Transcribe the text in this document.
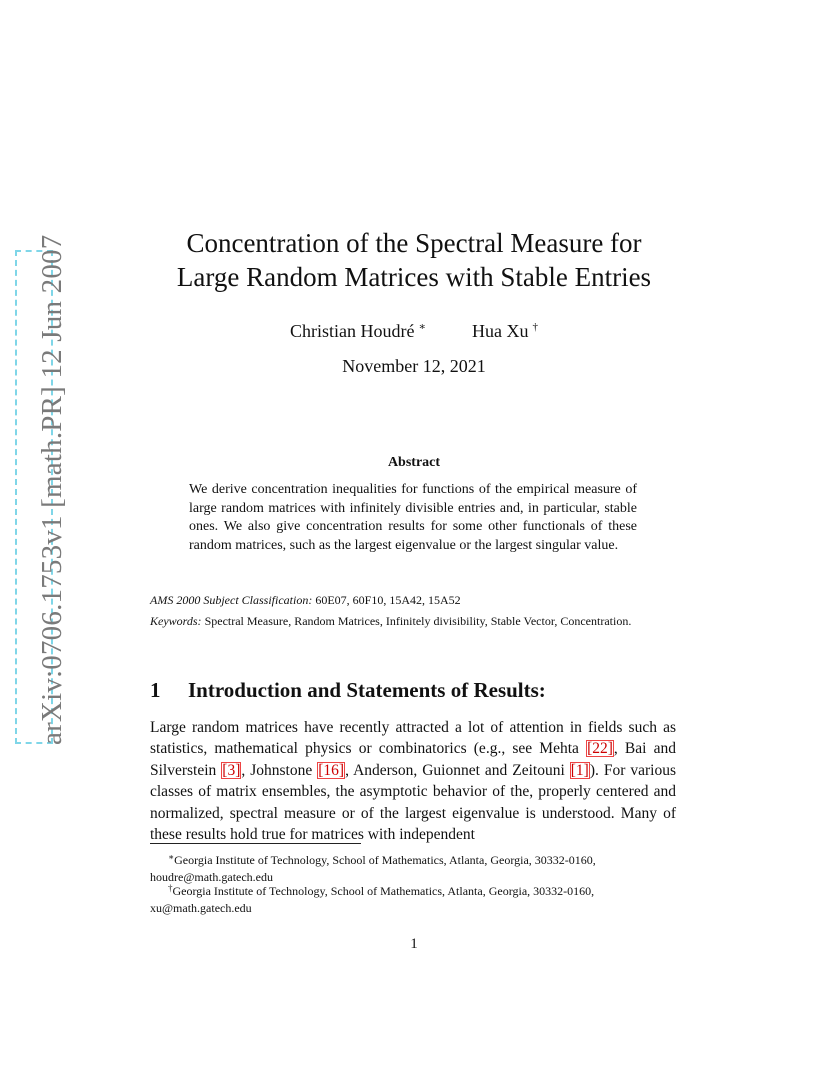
arXiv:0706.1753v1 [math.PR] 12 Jun 2007	Concentration of the Spectral Measure for
Large Random Matrices with Stable Entries
Christian Houdré ∗	Hua Xu †
November 12, 2021
Abstract
We derive concentration inequalities for functions of the empirical measure of large random matrices with infinitely divisible entries and, in particular, stable ones. We also give concentration results for some other functionals of these random matrices, such as the largest eigenvalue or the largest singular value.
AMS 2000 Subject Classification: 60E07, 60F10, 15A42, 15A52
Keywords: Spectral Measure, Random Matrices, Infinitely divisibility, Stable Vector, Concentration.
1 Introduction and Statements of Results:
Large random matrices have recently attracted a lot of attention in fields such as statistics, mathematical physics or combinatorics (e.g., see Mehta [22], Bai and Silverstein [3], Johnstone [16], Anderson, Guionnet and Zeitouni [1]). For various classes of matrix ensembles, the asymptotic behavior of the, properly centered and normalized, spectral measure or of the largest eigenvalue is understood. Many of these results hold true for matrices with independent
∗Georgia Institute of Technology, School of Mathematics, Atlanta, Georgia, 30332-0160, houdre@math.gatech.edu
†Georgia Institute of Technology, School of Mathematics, Atlanta, Georgia, 30332-0160, xu@math.gatech.edu
1
